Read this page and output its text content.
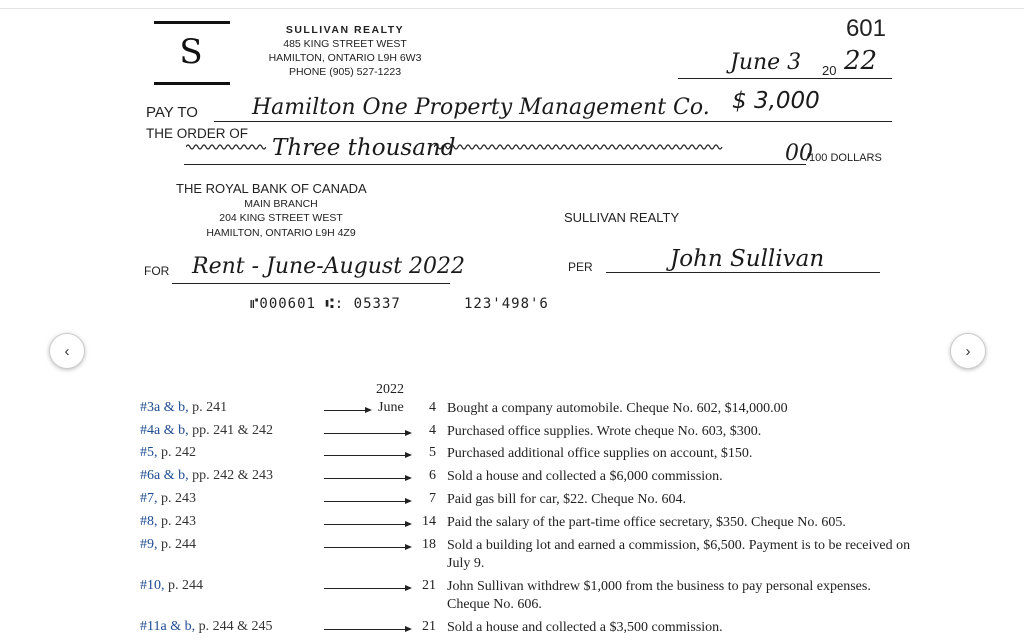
S
SULLIVAN REALTY
485 KING STREET WEST
HAMILTON, ONTARIO L9H 6W3
PHONE (905) 527-1223
601
June 3 20 22
PAY TO
THE ORDER OF
Hamilton One Property Management Co. $ 3,000
Three thousand	00
/100 DOLLARS
THE ROYAL BANK OF CANADA
MAIN BRANCH
204 KING STREET WEST
HAMILTON, ONTARIO L9H 4Z9
SULLIVAN REALTY
FOR Rent - June-August 2022	PER	John Sullivan
⑈000601 ⑆: 05337	123'498'6
‹	›
2022
#3a & b, p. 241	June	4 Bought a company automobile. Cheque No. 602, $14,000.00
#4a & b, pp. 241 & 242	4 Purchased office supplies. Wrote cheque No. 603, $300.
#5, p. 242	5 Purchased additional office supplies on account, $150.
#6a & b, pp. 242 & 243	6 Sold a house and collected a $6,000 commission.
#7, p. 243	7 Paid gas bill for car, $22. Cheque No. 604.
#8, p. 243	14 Paid the salary of the part-time office secretary, $350. Cheque No. 605.
#9, p. 244	18 Sold a building lot and earned a commission, $6,500. Payment is to be received on July 9.
#10, p. 244	21 John Sullivan withdrew $1,000 from the business to pay personal expenses. Cheque No. 606.
#11a & b, p. 244 & 245	21 Sold a house and collected a $3,500 commission.
